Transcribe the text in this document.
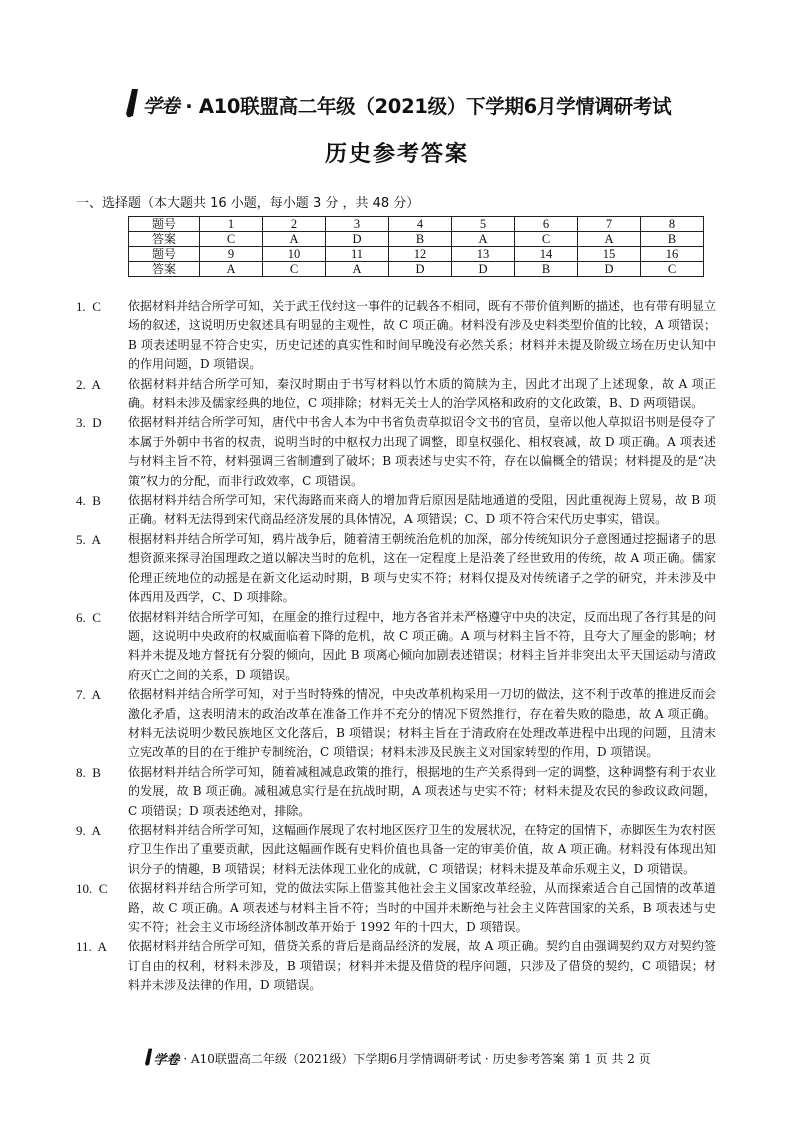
学卷 · A10联盟高二年级（2021级）下学期6月学情调研考试
历史参考答案
一、选择题（本大题共 16 小题，每小题 3 分 ，共 48 分）
题号	1	2	3	4	5	6	7	8
答案	C	A	D	B	A	C	A	B
题号	9	10	11	12	13	14	15	16
答案	A	C	A	D	D	B	D	C
1.  C	依据材料并结合所学可知，关于武王伐纣这一事件的记载各不相同，既有不带价值判断的描述，也有带有明显立场的叙述，这说明历史叙述具有明显的主观性，故 C 项正确。材料没有涉及史料类型价值的比较，A 项错误；B 项表述明显不符合史实，历史记述的真实性和时间早晚没有必然关系；材料并未提及阶级立场在历史认知中的作用问题，D 项错误。
2.  A	依据材料并结合所学可知，秦汉时期由于书写材料以竹木质的简牍为主，因此才出现了上述现象，故 A 项正确。材料未涉及儒家经典的地位，C 项排除；材料无关士人的治学风格和政府的文化政策，B、D 两项错误。
3.  D	依据材料并结合所学可知，唐代中书舍人本为中书省负责草拟诏令文书的官员，皇帝以他人草拟诏书则是侵夺了本属于外朝中书省的权责，说明当时的中枢权力出现了调整，即皇权强化、相权衰减，故 D 项正确。A 项表述与材料主旨不符，材料强调三省制遭到了破坏；B 项表述与史实不符，存在以偏概全的错误；材料提及的是“决策”权力的分配，而非行政效率，C 项错误。
4.  B	依据材料并结合所学可知，宋代海路而来商人的增加背后原因是陆地通道的受阻，因此重视海上贸易，故 B 项正确。材料无法得到宋代商品经济发展的具体情况，A 项错误；C、D 项不符合宋代历史事实，错误。
5.  A	根据材料并结合所学可知，鸦片战争后，随着清王朝统治危机的加深，部分传统知识分子意图通过挖掘诸子的思想资源来探寻治国理政之道以解决当时的危机，这在一定程度上是沿袭了经世致用的传统，故 A 项正确。儒家伦理正统地位的动摇是在新文化运动时期，B 项与史实不符；材料仅提及对传统诸子之学的研究，并未涉及中体西用及西学，C、D 项排除。
6.  C	依据材料并结合所学可知，在厘金的推行过程中，地方各省并未严格遵守中央的决定，反而出现了各行其是的问题，这说明中央政府的权威面临着下降的危机，故 C 项正确。A 项与材料主旨不符，且夸大了厘金的影响；材料并未提及地方督抚有分裂的倾向，因此 B 项离心倾向加剧表述错误；材料主旨并非突出太平天国运动与清政府灭亡之间的关系，D 项错误。
7.  A	依据材料并结合所学可知，对于当时特殊的情况，中央改革机构采用一刀切的做法，这不利于改革的推进反而会激化矛盾，这表明清末的政治改革在准备工作并不充分的情况下贸然推行，存在着失败的隐患，故 A 项正确。材料无法说明少数民族地区文化落后，B 项错误；材料主旨在于清政府在处理改革进程中出现的问题，且清末立宪改革的目的在于维护专制统治，C 项错误；材料未涉及民族主义对国家转型的作用，D 项错误。
8.  B	依据材料并结合所学可知，随着减租减息政策的推行，根据地的生产关系得到一定的调整，这种调整有利于农业的发展，故 B 项正确。减租减息实行是在抗战时期，A 项表述与史实不符；材料未提及农民的参政议政问题，C 项错误；D 项表述绝对，排除。
9.  A	依据材料并结合所学可知，这幅画作展现了农村地区医疗卫生的发展状况，在特定的国情下，赤脚医生为农村医疗卫生作出了重要贡献，因此这幅画作既有史料价值也具备一定的审美价值，故 A 项正确。材料没有体现出知识分子的情趣，B 项错误；材料无法体现工业化的成就，C 项错误；材料未提及革命乐观主义，D 项错误。
10.  C	依据材料并结合所学可知，党的做法实际上借鉴其他社会主义国家改革经验，从而探索适合自己国情的改革道路，故 C 项正确。A 项表述与材料主旨不符；当时的中国并未断绝与社会主义阵营国家的关系，B 项表述与史实不符；社会主义市场经济体制改革开始于 1992 年的十四大，D 项错误。
11.  A	依据材料并结合所学可知，借贷关系的背后是商品经济的发展，故 A 项正确。契约自由强调契约双方对契约签订自由的权利，材料未涉及，B 项错误；材料并未提及借贷的程序问题，只涉及了借贷的契约，C 项错误；材料并未涉及法律的作用，D 项错误。
学卷 · A10联盟高二年级（2021级）下学期6月学情调研考试 · 历史参考答案 第 1 页 共 2 页
